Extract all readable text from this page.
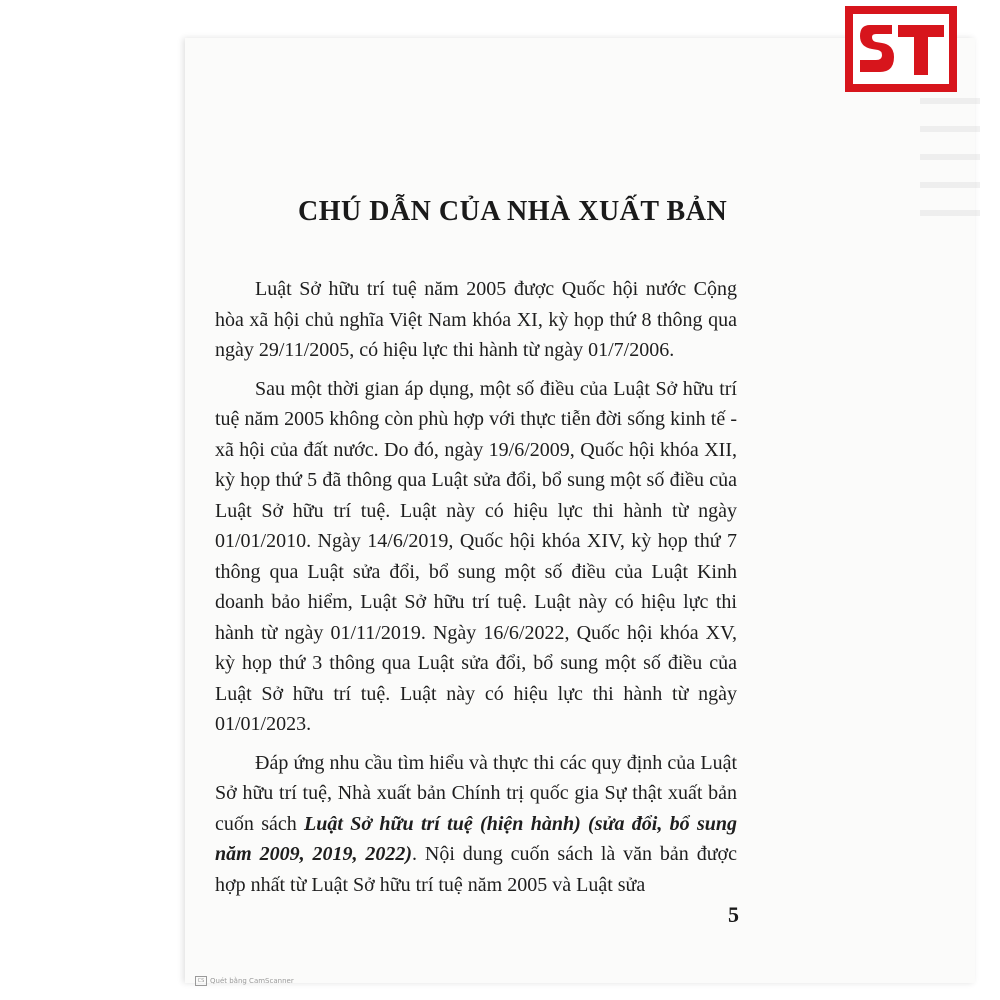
CHÚ DẪN CỦA NHÀ XUẤT BẢN

Luật Sở hữu trí tuệ năm 2005 được Quốc hội nước Cộng hòa xã hội chủ nghĩa Việt Nam khóa XI, kỳ họp thứ 8 thông qua ngày 29/11/2005, có hiệu lực thi hành từ ngày 01/7/2006.

Sau một thời gian áp dụng, một số điều của Luật Sở hữu trí tuệ năm 2005 không còn phù hợp với thực tiễn đời sống kinh tế - xã hội của đất nước. Do đó, ngày 19/6/2009, Quốc hội khóa XII, kỳ họp thứ 5 đã thông qua Luật sửa đổi, bổ sung một số điều của Luật Sở hữu trí tuệ. Luật này có hiệu lực thi hành từ ngày 01/01/2010. Ngày 14/6/2019, Quốc hội khóa XIV, kỳ họp thứ 7 thông qua Luật sửa đổi, bổ sung một số điều của Luật Kinh doanh bảo hiểm, Luật Sở hữu trí tuệ. Luật này có hiệu lực thi hành từ ngày 01/11/2019. Ngày 16/6/2022, Quốc hội khóa XV, kỳ họp thứ 3 thông qua Luật sửa đổi, bổ sung một số điều của Luật Sở hữu trí tuệ. Luật này có hiệu lực thi hành từ ngày 01/01/2023.

Đáp ứng nhu cầu tìm hiểu và thực thi các quy định của Luật Sở hữu trí tuệ, Nhà xuất bản Chính trị quốc gia Sự thật xuất bản cuốn sách Luật Sở hữu trí tuệ (hiện hành) (sửa đổi, bổ sung năm 2009, 2019, 2022). Nội dung cuốn sách là văn bản được hợp nhất từ Luật Sở hữu trí tuệ năm 2005 và Luật sửa

5
CS Quét bằng CamScanner
